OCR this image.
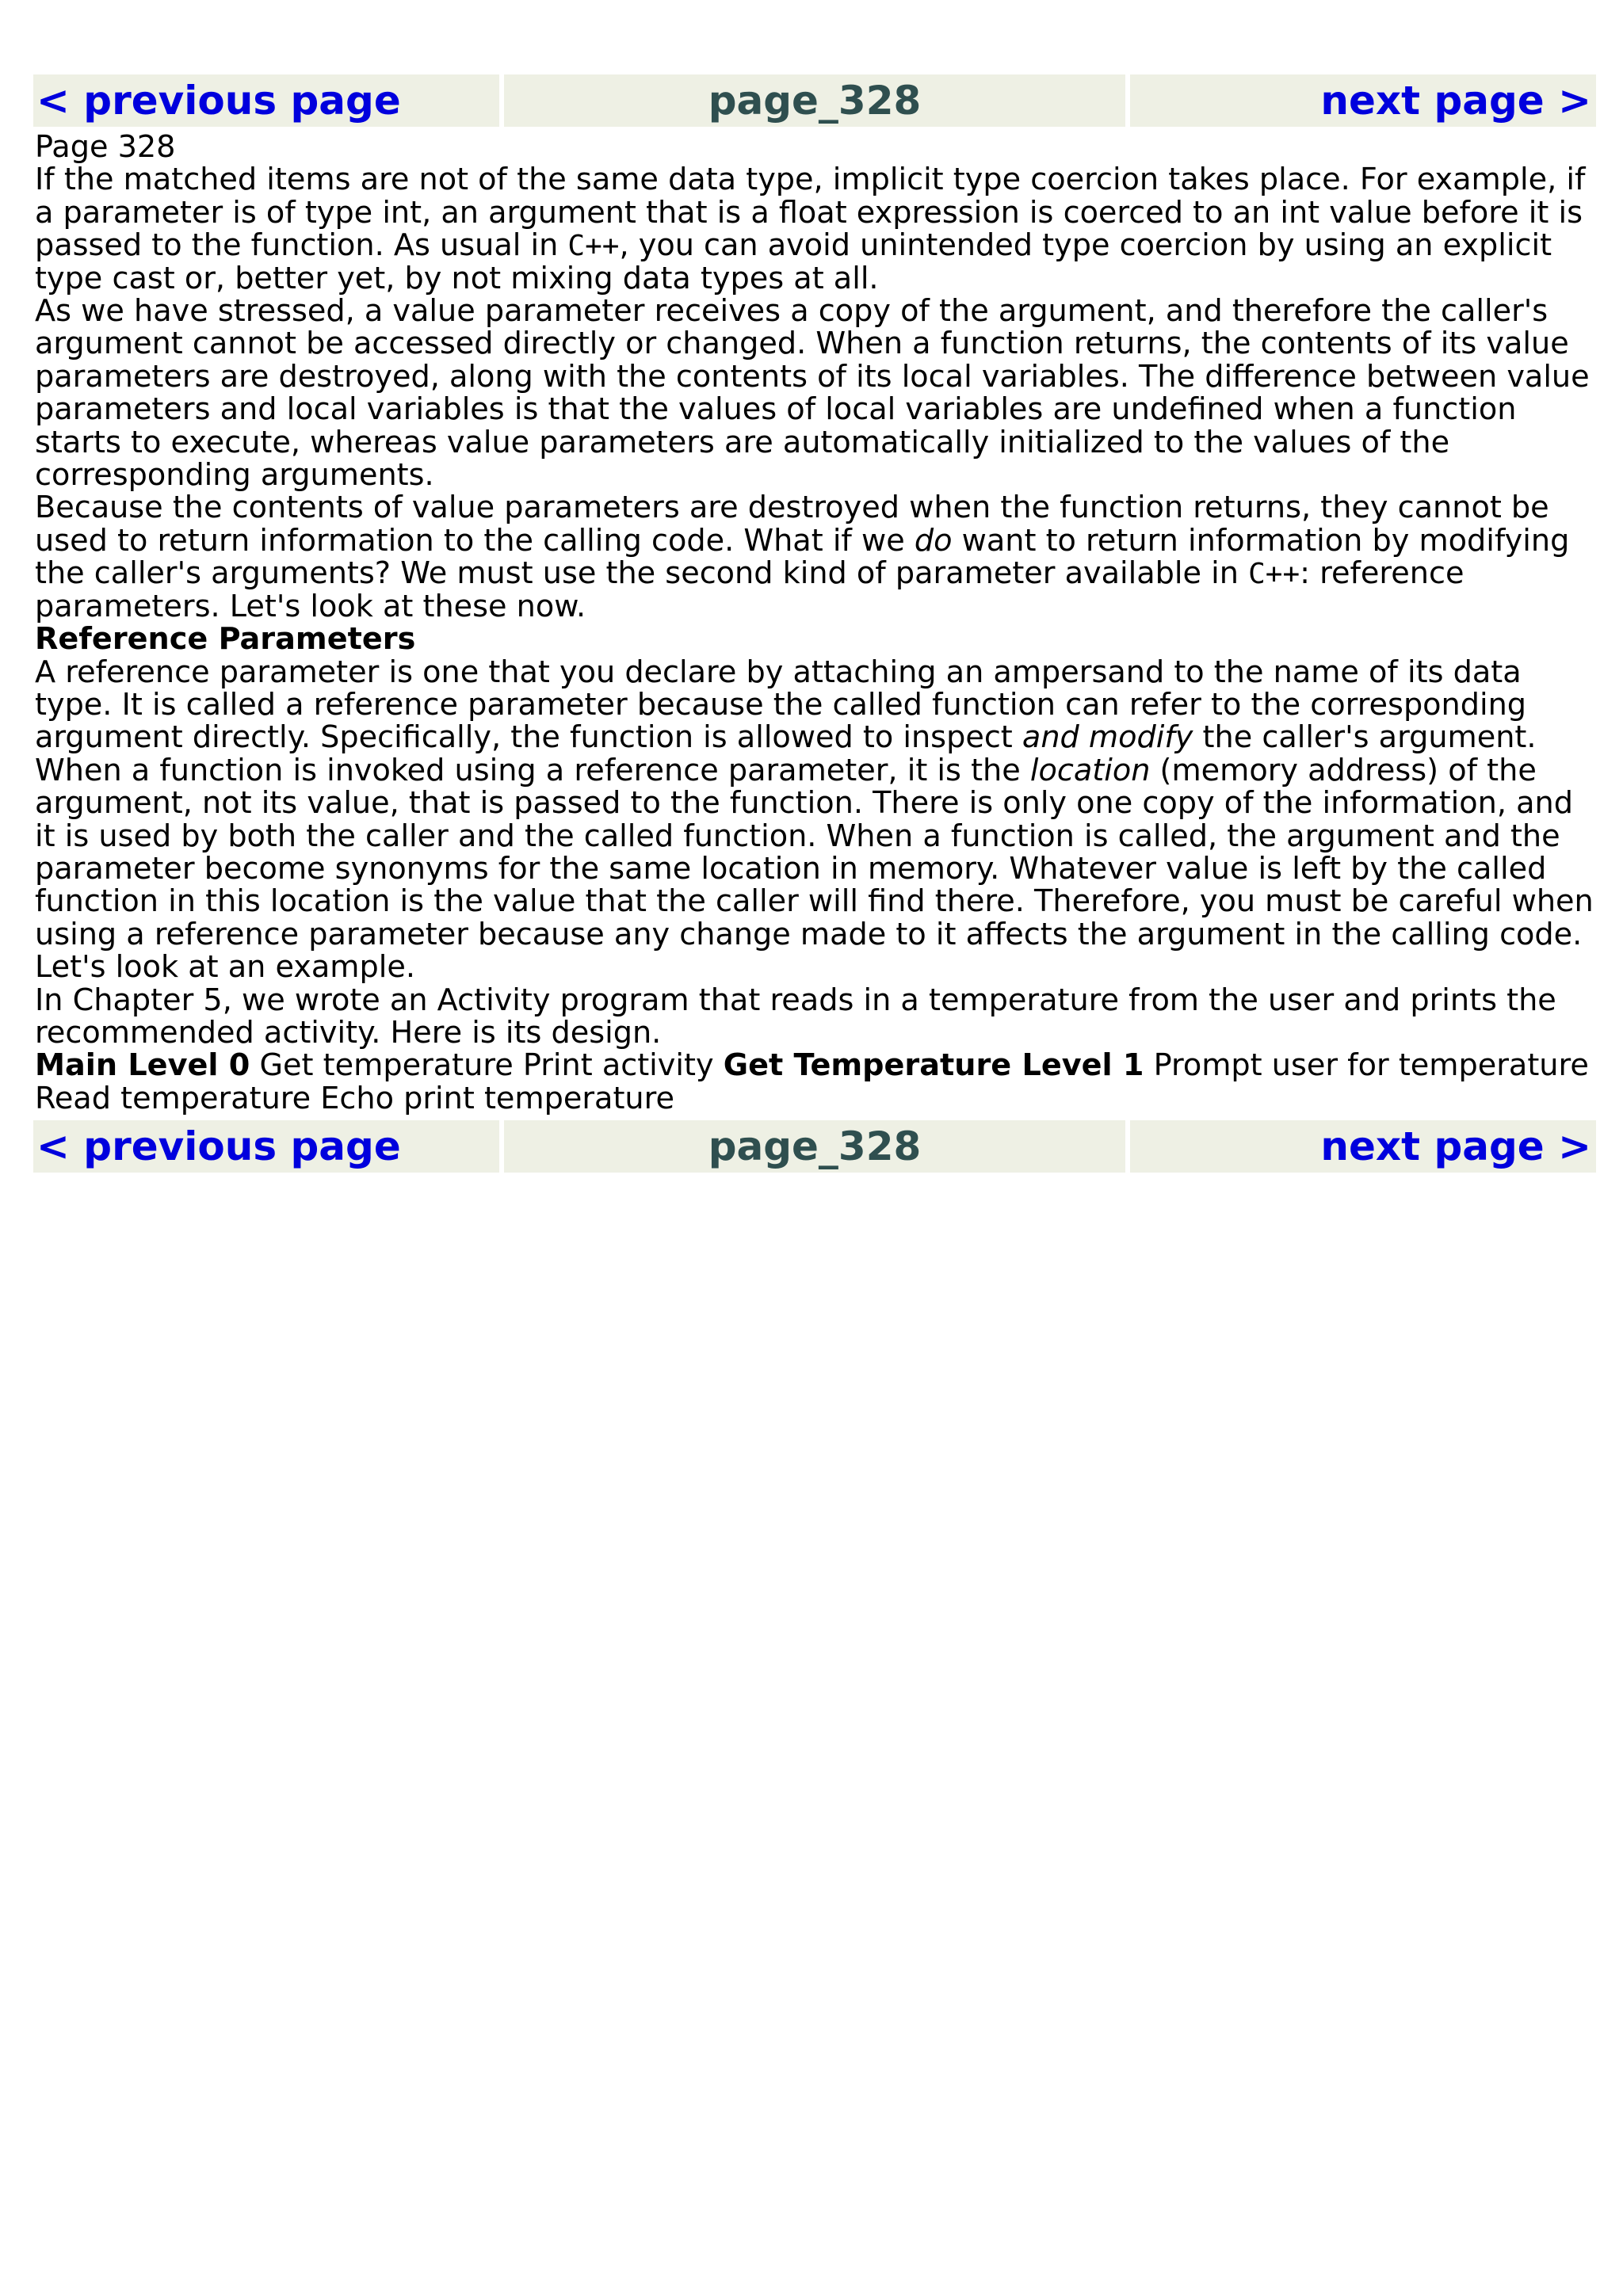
< previous page	page_328	next page >

Page 328

If the matched items are not of the same data type, implicit type coercion takes place. For example, if a parameter is of type int, an argument that is a float expression is coerced to an int value before it is passed to the function. As usual in C++, you can avoid unintended type coercion by using an explicit type cast or, better yet, by not mixing data types at all.

As we have stressed, a value parameter receives a copy of the argument, and therefore the caller's argument cannot be accessed directly or changed. When a function returns, the contents of its value parameters are destroyed, along with the contents of its local variables. The difference between value parameters and local variables is that the values of local variables are undefined when a function starts to execute, whereas value parameters are automatically initialized to the values of the corresponding arguments.

Because the contents of value parameters are destroyed when the function returns, they cannot be used to return information to the calling code. What if we do want to return information by modifying the caller's arguments? We must use the second kind of parameter available in C++: reference parameters. Let's look at these now.

Reference Parameters

A reference parameter is one that you declare by attaching an ampersand to the name of its data type. It is called a reference parameter because the called function can refer to the corresponding argument directly. Specifically, the function is allowed to inspect and modify the caller's argument.

When a function is invoked using a reference parameter, it is the location (memory address) of the argument, not its value, that is passed to the function. There is only one copy of the information, and it is used by both the caller and the called function. When a function is called, the argument and the parameter become synonyms for the same location in memory. Whatever value is left by the called function in this location is the value that the caller will find there. Therefore, you must be careful when using a reference parameter because any change made to it affects the argument in the calling code. Let's look at an example.

In Chapter 5, we wrote an Activity program that reads in a temperature from the user and prints the recommended activity. Here is its design.

Main Level 0 Get temperature Print activity Get Temperature Level 1 Prompt user for temperature Read temperature Echo print temperature

< previous page	page_328	next page >
